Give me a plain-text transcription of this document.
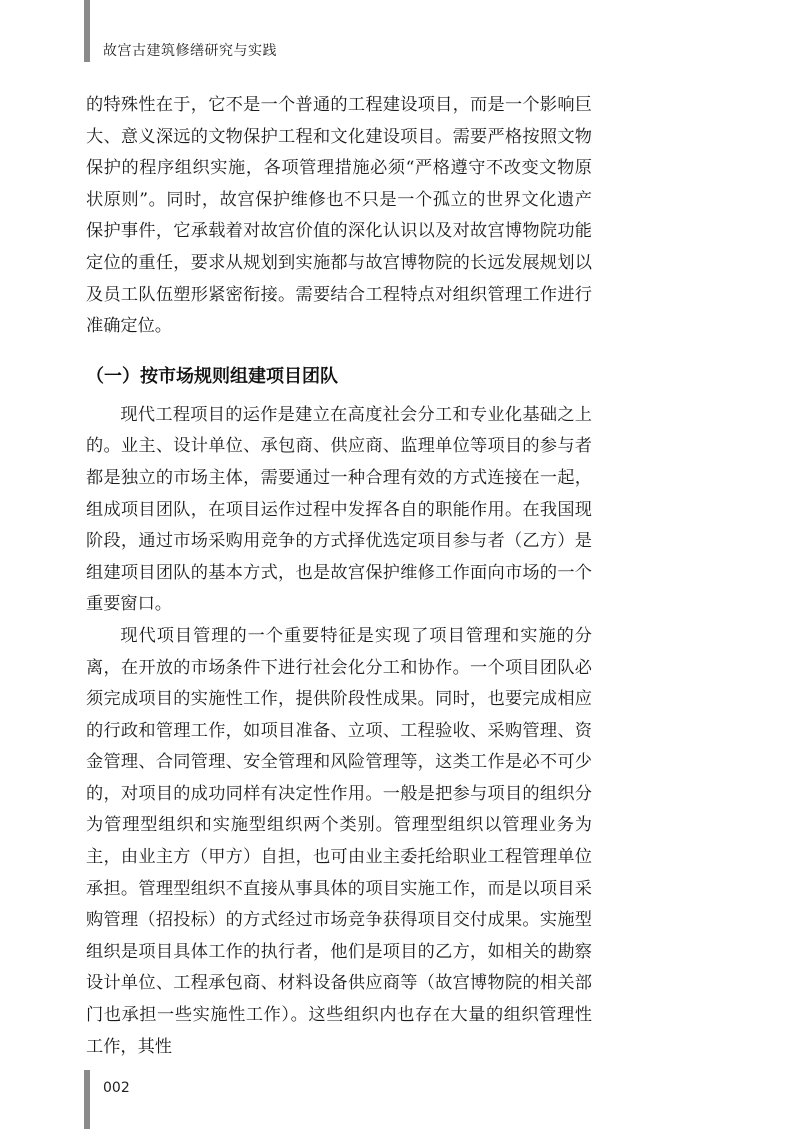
故宫古建筑修缮研究与实践

的特殊性在于，它不是一个普通的工程建设项目，而是一个影响巨大、意义深远的文物保护工程和文化建设项目。需要严格按照文物保护的程序组织实施，各项管理措施必须“严格遵守不改变文物原状原则”。同时，故宫保护维修也不只是一个孤立的世界文化遗产保护事件，它承载着对故宫价值的深化认识以及对故宫博物院功能定位的重任，要求从规划到实施都与故宫博物院的长远发展规划以及员工队伍塑形紧密衔接。需要结合工程特点对组织管理工作进行准确定位。

（一）按市场规则组建项目团队

现代工程项目的运作是建立在高度社会分工和专业化基础之上的。业主、设计单位、承包商、供应商、监理单位等项目的参与者都是独立的市场主体，需要通过一种合理有效的方式连接在一起，组成项目团队，在项目运作过程中发挥各自的职能作用。在我国现阶段，通过市场采购用竞争的方式择优选定项目参与者（乙方）是组建项目团队的基本方式，也是故宫保护维修工作面向市场的一个重要窗口。

现代项目管理的一个重要特征是实现了项目管理和实施的分离，在开放的市场条件下进行社会化分工和协作。一个项目团队必须完成项目的实施性工作，提供阶段性成果。同时，也要完成相应的行政和管理工作，如项目准备、立项、工程验收、采购管理、资金管理、合同管理、安全管理和风险管理等，这类工作是必不可少的，对项目的成功同样有决定性作用。一般是把参与项目的组织分为管理型组织和实施型组织两个类别。管理型组织以管理业务为主，由业主方（甲方）自担，也可由业主委托给职业工程管理单位承担。管理型组织不直接从事具体的项目实施工作，而是以项目采购管理（招投标）的方式经过市场竞争获得项目交付成果。实施型组织是项目具体工作的执行者，他们是项目的乙方，如相关的勘察设计单位、工程承包商、材料设备供应商等（故宫博物院的相关部门也承担一些实施性工作）。这些组织内也存在大量的组织管理性工作，其性

002
